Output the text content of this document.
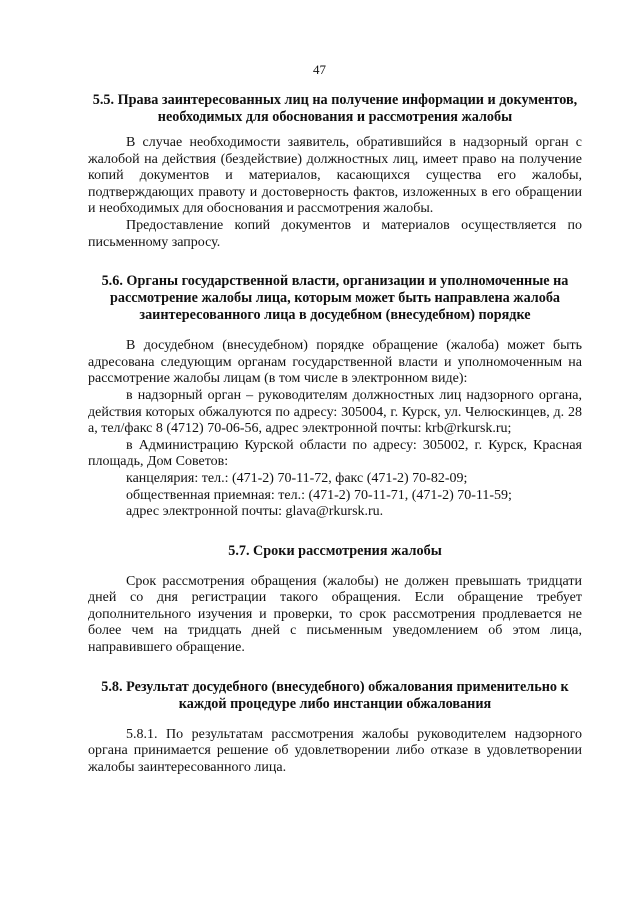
47
5.5. Права заинтересованных лиц на получение информации и документов, необходимых для обоснования и рассмотрения жалобы

В случае необходимости заявитель, обратившийся в надзорный орган с жалобой на действия (бездействие) должностных лиц, имеет право на получение копий документов и материалов, касающихся существа его жалобы, подтверждающих правоту и достоверность фактов, изложенных в его обращении и необходимых для обоснования и рассмотрения жалобы.

Предоставление копий документов и материалов осуществляется по письменному запросу.

5.6. Органы государственной власти, организации и уполномоченные на рассмотрение жалобы лица, которым может быть направлена жалоба заинтересованного лица в досудебном (внесудебном) порядке

В досудебном (внесудебном) порядке обращение (жалоба) может быть адресована следующим органам государственной власти и уполномоченным на рассмотрение жалобы лицам (в том числе в электронном виде):

в надзорный орган – руководителям должностных лиц надзорного органа, действия которых обжалуются по адресу: 305004, г. Курск, ул. Челюскинцев, д. 28 а, тел/факс 8 (4712) 70-06-56, адрес электронной почты: krb@rkursk.ru;

в Администрацию Курской области по адресу: 305002, г. Курск, Красная площадь, Дом Советов:

канцелярия: тел.: (471-2) 70-11-72, факс (471-2) 70-82-09;

общественная приемная: тел.: (471-2) 70-11-71, (471-2) 70-11-59;

адрес электронной почты: glava@rkursk.ru.

5.7. Сроки рассмотрения жалобы

Срок рассмотрения обращения (жалобы) не должен превышать тридцати дней со дня регистрации такого обращения. Если обращение требует дополнительного изучения и проверки, то срок рассмотрения продлевается не более чем на тридцать дней с письменным уведомлением об этом лица, направившего обращение.

5.8. Результат досудебного (внесудебного) обжалования применительно к каждой процедуре либо инстанции обжалования

5.8.1. По результатам рассмотрения жалобы руководителем надзорного органа принимается решение об удовлетворении либо отказе в удовлетворении жалобы заинтересованного лица.
